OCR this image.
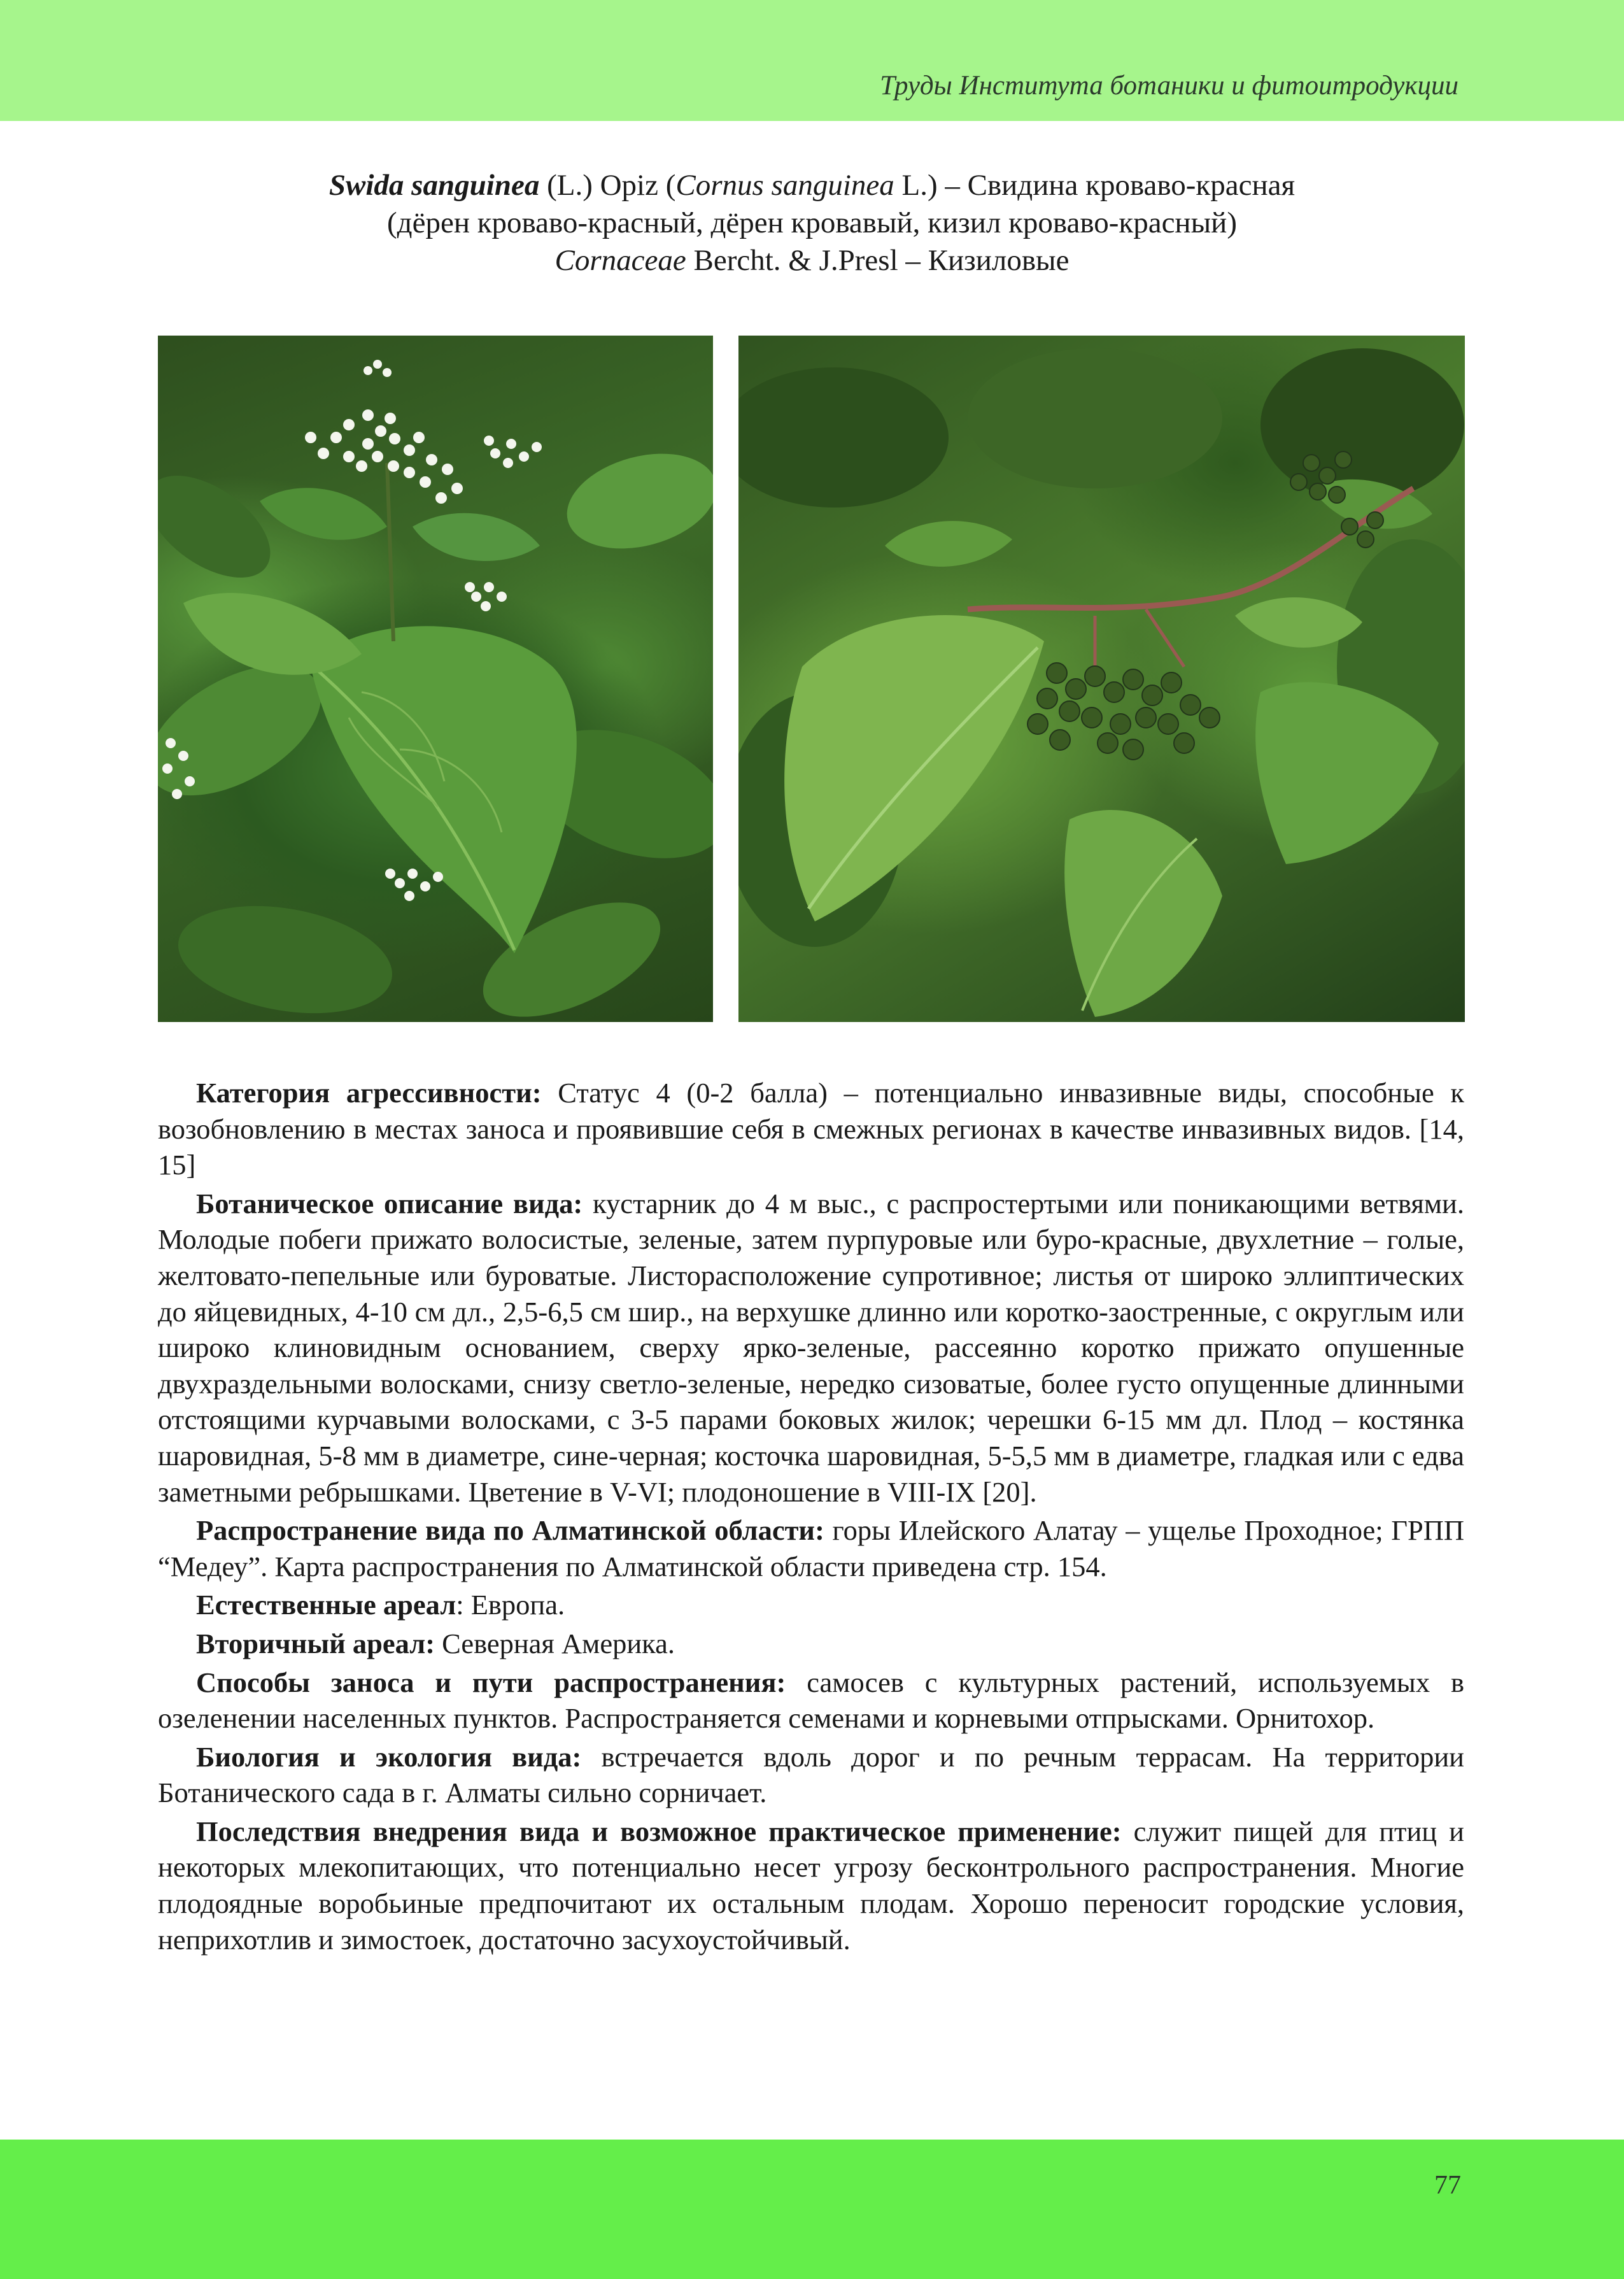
Труды Института ботаники и фитоитродукции
Swida sanguinea (L.) Opiz (Cornus sanguinea L.) – Свидина кроваво-красная
(дёрен кроваво-красный, дёрен кровавый, кизил кроваво-красный)
Cornaceae Bercht. & J.Presl – Кизиловые

Категория агрессивности: Статус 4 (0-2 балла) – потенциально инвазивные виды, способные к возобновлению в местах заноса и проявившие себя в смежных регионах в качестве инвазивных видов. [14, 15]

Ботаническое описание вида: кустарник до 4 м выс., с распростертыми или поникающими ветвями. Молодые побеги прижато волосистые, зеленые, затем пурпуровые или буро-красные, двухлетние – голые, желтовато-пепельные или буроватые. Листорасположение супротивное; листья от широко эллиптических до яйцевидных, 4-10 см дл., 2,5-6,5 см шир., на верхушке длинно или коротко-заостренные, с округлым или широко клиновидным основанием, сверху ярко-зеленые, рассеянно коротко прижато опушенные двухраздельными волосками, снизу светло-зеленые, нередко сизоватые, более густо опущенные длинными отстоящими курчавыми волосками, с 3-5 парами боковых жилок; черешки 6-15 мм дл. Плод – костянка шаровидная, 5-8 мм в диаметре, сине-черная; косточка шаровидная, 5-5,5 мм в диаметре, гладкая или с едва заметными ребрышками. Цветение в V-VI; плодоношение в VIII-IX [20].

Распространение вида по Алматинской области: горы Илейского Алатау – ущелье Проходное; ГРПП “Медеу”. Карта распространения по Алматинской области приведена стр. 154.

Естественные ареал: Европа.

Вторичный ареал: Северная Америка.

Способы заноса и пути распространения: самосев с культурных растений, используемых в озеленении населенных пунктов. Распространяется семенами и корневыми отпрысками. Орнитохор.

Биология и экология вида: встречается вдоль дорог и по речным террасам. На территории Ботанического сада в г. Алматы сильно сорничает.

Последствия внедрения вида и возможное практическое применение: служит пищей для птиц и некоторых млекопитающих, что потенциально несет угрозу бесконтрольного распространения. Многие плодоядные воробьиные предпочитают их остальным плодам. Хорошо переносит городские условия, неприхотлив и зимостоек, достаточно засухоустойчивый.

77
